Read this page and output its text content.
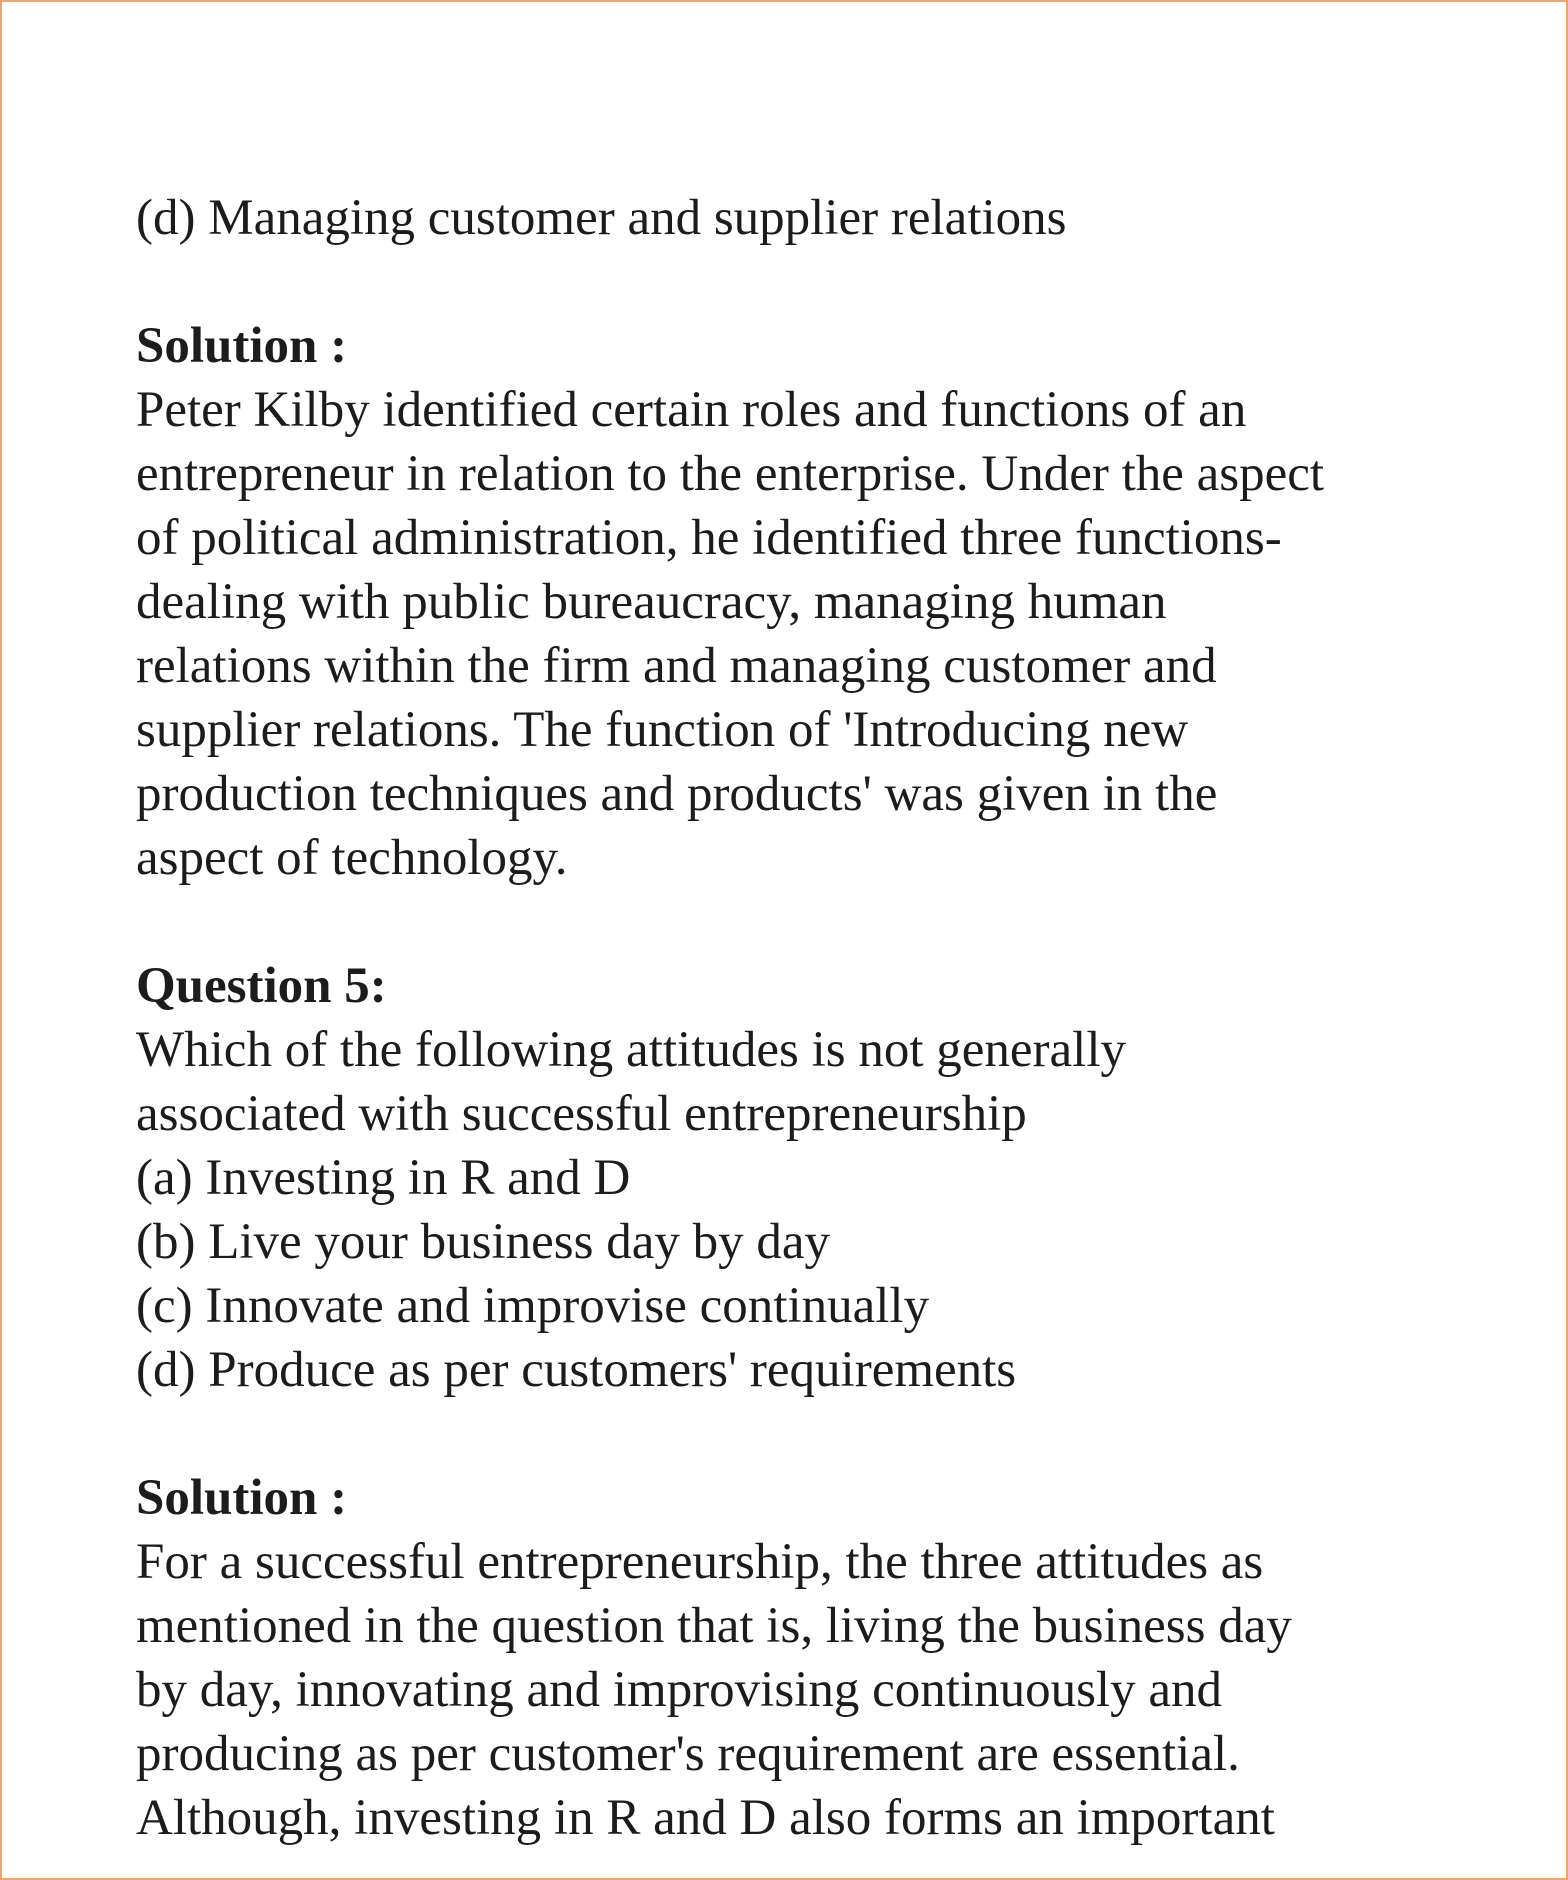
(d) Managing customer and supplier relations
Solution :
Peter Kilby identified certain roles and functions of an
entrepreneur in relation to the enterprise. Under the aspect
of political administration, he identified three functions-
dealing with public bureaucracy, managing human
relations within the firm and managing customer and
supplier relations. The function of 'Introducing new
production techniques and products' was given in the
aspect of technology.
Question 5:
Which of the following attitudes is not generally
associated with successful entrepreneurship
(a) Investing in R and D
(b) Live your business day by day
(c) Innovate and improvise continually
(d) Produce as per customers' requirements
Solution :
For a successful entrepreneurship, the three attitudes as
mentioned in the question that is, living the business day
by day, innovating and improvising continuously and
producing as per customer's requirement are essential.
Although, investing in R and D also forms an important
